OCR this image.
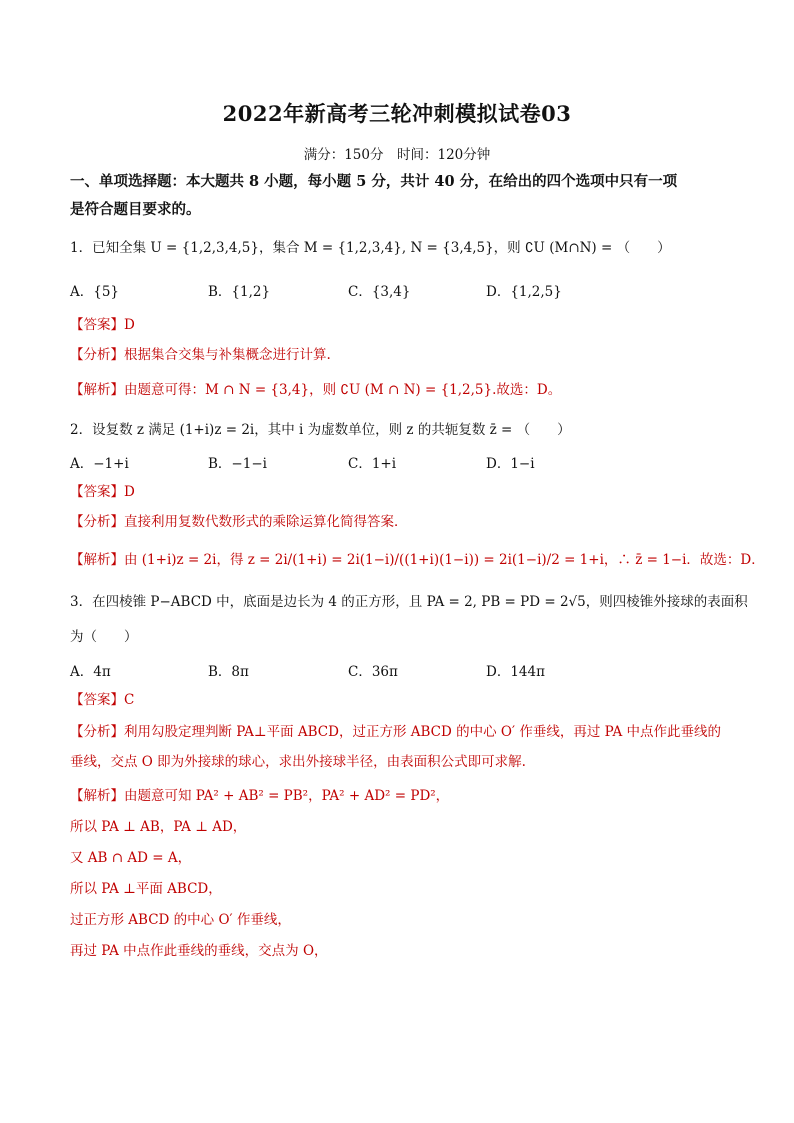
2022年新高考三轮冲刺模拟试卷03
满分：150分　时间：120分钟
一、单项选择题：本大题共 8 小题，每小题 5 分，共计 40 分，在给出的四个选项中只有一项
是符合题目要求的。
1．已知全集 U = {1,2,3,4,5}，集合 M = {1,2,3,4}, N = {3,4,5}，则 ∁U (M∩N) = （　　）
A．{5}	B．{1,2}	C．{3,4}	D．{1,2,5}
【答案】D
【分析】根据集合交集与补集概念进行计算.
【解析】由题意可得：M ∩ N = {3,4}，则 ∁U (M ∩ N) = {1,2,5}.故选：D。
2．设复数 z 满足 (1+i)z = 2i，其中 i 为虚数单位，则 z 的共轭复数 z̄ = （　　）
A．−1+i	B．−1−i	C．1+i	D．1−i
【答案】D
【分析】直接利用复数代数形式的乘除运算化简得答案．
【解析】由 (1+i)z = 2i，得 z = 2i/(1+i) = 2i(1−i)/((1+i)(1−i)) = 2i(1−i)/2 = 1+i，∴ z̄ = 1−i．故选：D．
3．在四棱锥 P−ABCD 中，底面是边长为 4 的正方形，且 PA = 2, PB = PD = 2√5，则四棱锥外接球的表面积
为（　　）
A．4π	B．8π	C．36π	D．144π
【答案】C
【分析】利用勾股定理判断 PA⊥平面 ABCD，过正方形 ABCD 的中心 O′ 作垂线，再过 PA 中点作此垂线的
垂线，交点 O 即为外接球的球心，求出外接球半径，由表面积公式即可求解.
【解析】由题意可知 PA² + AB² = PB²，PA² + AD² = PD²，
所以 PA ⊥ AB，PA ⊥ AD，
又 AB ∩ AD = A，
所以 PA ⊥平面 ABCD，
过正方形 ABCD 的中心 O′ 作垂线，
再过 PA 中点作此垂线的垂线，交点为 O，
